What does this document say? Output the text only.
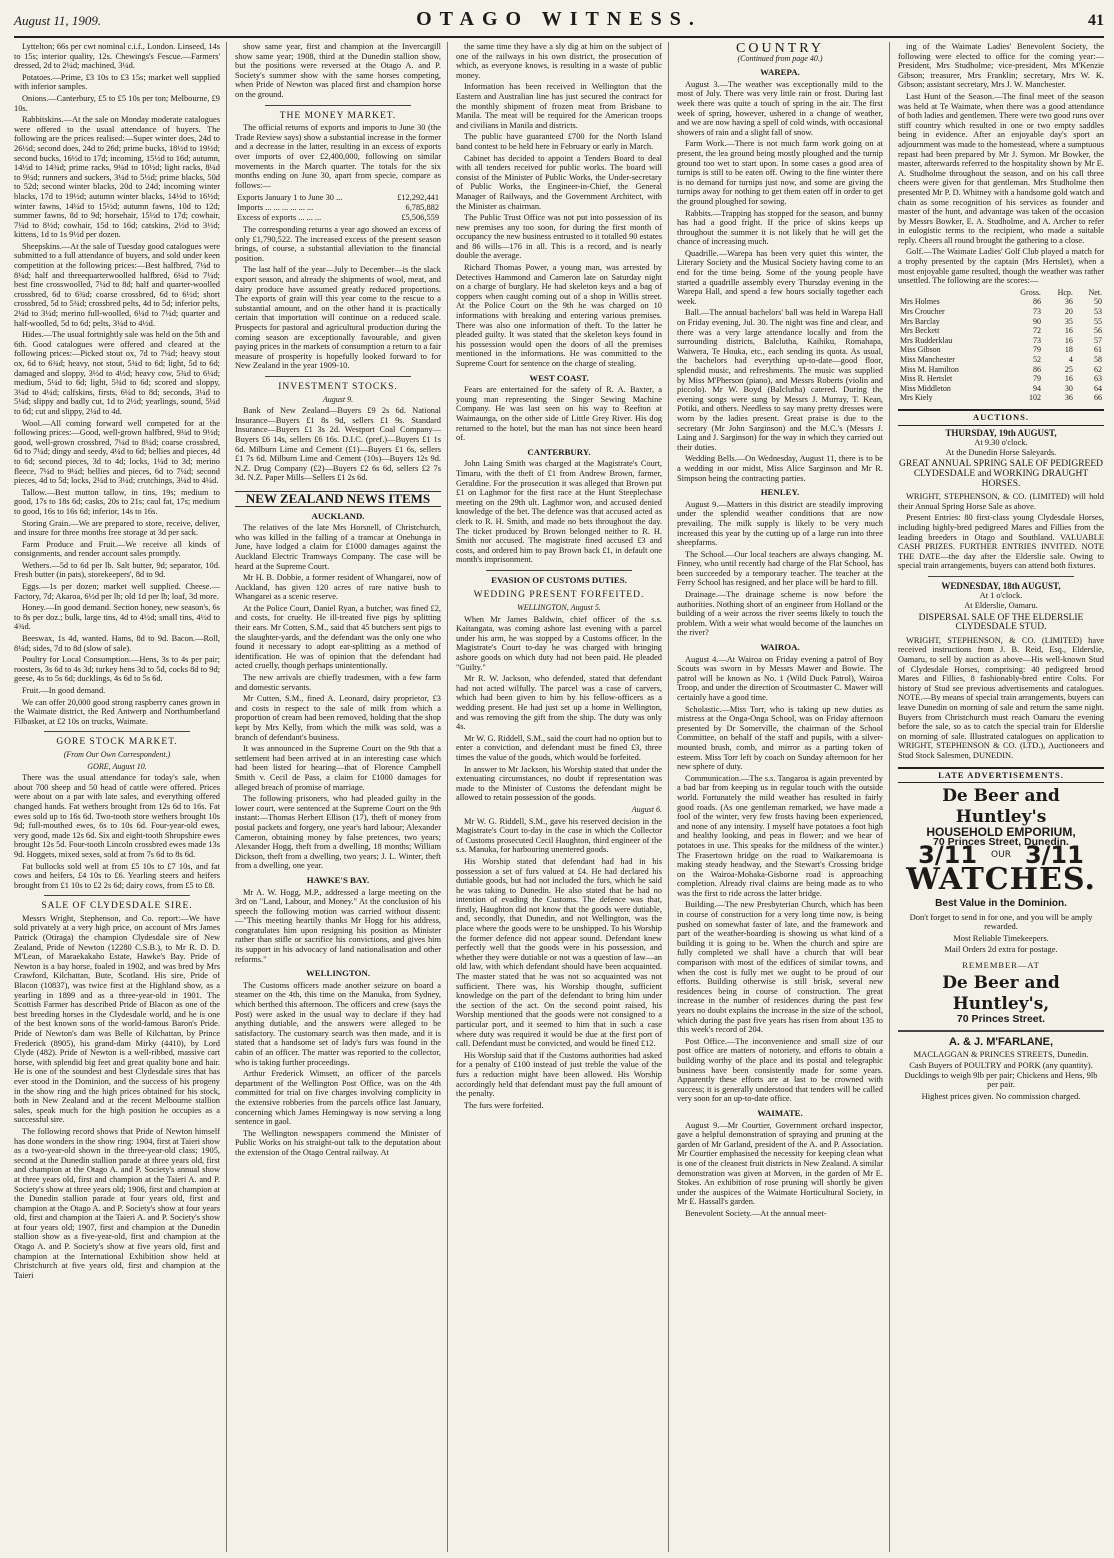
August 11, 1909.	OTAGO WITNESS.	41

Lyttelton; 66s per cwt nominal c.i.f., London. Linseed, 14s to 15s; interior quality, 12s. Chewings's Fescue.—Farmers' dressed, 2d to 2¼d; machined, 3¼d.

Potatoes.—Prime, £3 10s to £3 15s; market well supplied with inferior samples.

Onions.—Canterbury, £5 to £5 10s per ton; Melbourne, £9 10s.

Rabbitskins.—At the sale on Monday moderate catalogues were offered to the usual attendance of buyers. The following are the prices realised:—Super winter does, 24d to 26½d; second does, 24d to 26d; prime bucks, 18½d to 19½d; second bucks, 16½d to 17d; incoming, 15½d to 16d; autumn, 14½d to 14¾d; prime racks, 9¼d to 10½d; light racks, 8¼d to 9¼d; runners and suckers, 3¼d to 5½d; prime blacks, 50d to 52d; second winter blacks, 20d to 24d; incoming winter blacks, 17d to 19½d; autumn winter blacks, 14½d to 16½d; winter fawns, 14¼d to 15½d; autumn fawns, 10d to 12d; summer fawns, 8d to 9d; horsehair, 15½d to 17d; cowhair, 7¼d to 8½d; cowhair, 15d to 16d; catskins, 2½d to 3½d; kittens, 1d to 1s 9½d per dozen.

Sheepskins.—At the sale of Tuesday good catalogues were submitted to a full attendance of buyers, and sold under keen competition at the following prices:—Best halfbred, 7¼d to 8¼d; half and threequarterwoolled halfbred, 6¼d to 7¼d; best fine crosswoolled, 7¼d to 8d; half and quarter-woolled crossbred, 6d to 6¾d; coarse crossbred, 6d to 6½d; short crossbred, 5d to 5¾d; crossbred pelts, 4d to 5d; inferior pelts, 2¼d to 3¼d; merino full-woolled, 6¼d to 7¼d; quarter and half-woolled, 5d to 6d; pelts, 3¼d to 4½d.

Hides.—The usual fortnightly sale was held on the 5th and 6th. Good catalogues were offered and cleared at the following prices:—Picked stout ox, 7d to 7¼d; heavy stout ox, 6d to 6¾d; heavy, not stout, 5¾d to 6d; light, 5d to 6d; damaged and sloppy, 3½d to 4½d; heavy cow, 5¾d to 6¼d; medium, 5¼d to 6d; light, 5¾d to 6d; scored and sloppy, 3¼d to 4¼d; calfskins, firsts, 6¼d to 8d; seconds, 3¼d to 5¼d; slippy and badly cut, 1d to 2½d; yearlings, sound, 5¼d to 6d; cut and slippy, 2¼d to 4d.

Wool.—All coming forward well competed for at the following prices:—Good, well-grown halfbred, 9¼d to 9½d; good, well-grown crossbred, 7¼d to 8¼d; coarse crossbred, 6d to 7¼d; dingy and seedy, 4¼d to 6d; bellies and pieces, 4d to 6d; second pieces, 3d to 4d; locks, 1¼d to 3d; merino fleece, 7¼d to 9¼d; bellies and pieces, 6d to 7¼d; second pieces, 4d to 5d; locks, 2¼d to 3¼d; crutchings, 3¼d to 4¼d.

Tallow.—Best mutton tallow, in tins, 19s; medium to good, 17s to 18s 6d; casks, 20s to 21s; caul fat, 17s; medium to good, 16s to 16s 6d; inferior, 14s to 16s.

Storing Grain.—We are prepared to store, receive, deliver, and insure for three months free storage at 3d per sack.

Farm Produce and Fruit.—We receive all kinds of consignments, and render account sales promptly.

Wethers.—5d to 6d per lb. Salt butter, 9d; separator, 10d. Fresh butter (in pats), storekeepers', 8d to 9d.

Eggs.—1s per dozen; market well supplied. Cheese.—Factory, 7d; Akaroa, 6½d per lb; old 1d per lb; loaf, 3d more.

Honey.—In good demand. Section honey, new season's, 6s to 8s per doz.; bulk, large tins, 4d to 4½d; small tins, 4½d to 4¾d.

Beeswax, 1s 4d, wanted. Hams, 8d to 9d. Bacon.—Roll, 8¼d; sides, 7d to 8d (slow of sale).

Poultry for Local Consumption.—Hens, 3s to 4s per pair; roosters, 3s 6d to 4s 3d; turkey hens 3d to 5d, cocks 8d to 9d; geese, 4s to 5s 6d; ducklings, 4s 6d to 5s 6d.

Fruit.—In good demand.

We can offer 20,000 good strong raspberry canes grown in the Waimate district, the Red Antwerp and Northumberland Filbasket, at £2 10s on trucks, Waimate.

GORE STOCK MARKET.
(From Our Own Correspondent.)
GORE, August 10.

There was the usual attendance for today's sale, when about 700 sheep and 50 head of cattle were offered. Prices were about on a par with late sales, and everything offered changed hands. Fat wethers brought from 12s 6d to 16s. Fat ewes sold up to 16s 6d. Two-tooth store wethers brought 10s 9d; full-mouthed ewes, 6s to 10s 6d. Four-year-old ewes, very good, made 12s 6d. Six and eight-tooth Shropshire ewes brought 12s 5d. Four-tooth Lincoln crossbred ewes made 13s 9d. Hoggets, mixed sexes, sold at from 7s 6d to 8s 6d.

Fat bullocks sold well at from £5 10s to £7 10s, and fat cows and heifers, £4 10s to £6. Yearling steers and heifers brought from £1 10s to £2 2s 6d; dairy cows, from £5 to £8.

SALE OF CLYDESDALE SIRE.

Messrs Wright, Stephenson, and Co. report:—We have sold privately at a very high price, on account of Mrs James Patrick (Otiraga) the champion Clydesdale sire of New Zealand, Pride of Newton (12280 C.S.B.), to Mr R. D. D. M'Lean, of Maraekakaho Estate, Hawke's Bay. Pride of Newton is a bay horse, foaled in 1902, and was bred by Mrs Crawford, Kilchattan, Bute, Scotland. His sire, Pride of Blacon (10837), was twice first at the Highland show, as a yearling in 1899 and as a three-year-old in 1901. The Scottish Farmer has described Pride of Blacon as one of the best breeding horses in the Clydesdale world, and he is one of the best known sons of the world-famous Baron's Pride. Pride of Newton's dam was Belle of Kilchattan, by Prince Frederick (8905), his grand-dam Mirky (4410), by Lord Clyde (482). Pride of Newton is a well-ribbed, massive cart horse, with splendid big feet and great quality bone and hair. He is one of the soundest and best Clydesdale sires that has ever stood in the Dominion, and the success of his progeny in the show ring and the high prices obtained for his stock, both in New Zealand and at the recent Melbourne stallion sales, speak much for the high position he occupies as a successful sire.

The following record shows that Pride of Newton himself has done wonders in the show ring: 1904, first at Taieri show as a two-year-old shown in the three-year-old class; 1905, second at the Dunedin stallion parade at three years old, first and champion at the Otago A. and P. Society's annual show at three years old, first and champion at the Taieri A. and P. Society's show at three years old; 1906, first and champion at the Dunedin stallion parade at four years old, first and champion at the Otago A. and P. Society's show at four years old, first and champion at the Taieri A. and P. Society's show at four years old; 1907, first and champion at the Dunedin stallion show as a five-year-old, first and champion at the Otago A. and P. Society's show at five years old, first and champion at the International Exhibition show held at Christchurch at five years old, first and champion at the Taieri

show same year, first and champion at the Invercargill show same year; 1908, third at the Dunedin stallion show, but the positions were reversed at the Otago A. and P. Society's summer show with the same horses competing, when Pride of Newton was placed first and champion horse on the ground.

THE MONEY MARKET.

The official returns of exports and imports to June 30 (the Trade Review says) show a substantial increase in the former and a decrease in the latter, resulting in an excess of exports over imports of over £2,400,000, following on similar movements in the March quarter. The totals for the six months ending on June 30, apart from specie, compare as follows:—

Exports January 1 to June 30 ...	£12,292,441
Imports ... ... ... ... ... ...	6,785,882
Excess of exports ... ... ...	£5,506,559

The corresponding returns a year ago showed an excess of only £1,790,522. The increased excess of the present season brings, of course, a substantial alleviation to the financial position.

The last half of the year—July to December—is the slack export season, and already the shipments of wool, meat, and dairy produce have assumed greatly reduced proportions. The exports of grain will this year come to the rescue to a substantial amount, and on the other hand it is practically certain that importation will continue on a reduced scale. Prospects for pastoral and agricultural production during the coming season are exceptionally favourable, and given paying prices in the markets of consumption a return to a fair measure of prosperity is hopefully looked forward to for New Zealand in the year 1909-10.

INVESTMENT STOCKS.
August 9.

Bank of New Zealand—Buyers £9 2s 6d. National Insurance—Buyers £1 8s 9d, sellers £1 9s. Standard Insurance—Buyers £1 3s 2d. Westport Coal Company—Buyers £6 14s, sellers £6 16s. D.I.C. (pref.)—Buyers £1 1s 6d. Milburn Lime and Cement (£1)—Buyers £1 6s, sellers £1 7s 6d. Milburn Lime and Cement (10s)—Buyers 12s 9d. N.Z. Drug Company (£2)—Buyers £2 6s 6d, sellers £2 7s 3d. N.Z. Paper Mills—Sellers £1 2s 6d.

NEW ZEALAND NEWS ITEMS
AUCKLAND.

The relatives of the late Mrs Horsnell, of Christchurch, who was killed in the falling of a tramcar at Onehunga in June, have lodged a claim for £1000 damages against the Auckland Electric Tramways Company. The case will be heard at the Supreme Court.

Mr H. B. Dobbie, a former resident of Whangarei, now of Auckland, has given 120 acres of rare native bush to Whangarei as a scenic reserve.

At the Police Court, Daniel Ryan, a butcher, was fined £2, and costs, for cruelty. He ill-treated five pigs by splitting their ears. Mr Cotten, S.M., said that 45 butchers sent pigs to the slaughter-yards, and the defendant was the only one who found it necessary to adopt ear-splitting as a method of identification. He was of opinion that the defendant had acted cruelly, though perhaps unintentionally.

The new arrivals are chiefly tradesmen, with a few farm and domestic servants.

Mr Cutten, S.M., fined A. Leonard, dairy proprietor, £3 and costs in respect to the sale of milk from which a proportion of cream had been removed, holding that the shop kept by Mrs Kelly, from which the milk was sold, was a branch of defendant's business.

It was announced in the Supreme Court on the 9th that a settlement had been arrived at in an interesting case which had been listed for hearing—that of Florence Campbell Smith v. Cecil de Pass, a claim for £1000 damages for alleged breach of promise of marriage.

The following prisoners, who had pleaded guilty in the lower court, were sentenced at the Supreme Court on the 9th instant:—Thomas Herbert Ellison (17), theft of money from postal packets and forgery, one year's hard labour; Alexander Cameron, obtaining money by false pretences, two years; Alexander Hogg, theft from a dwelling, 18 months; William Dickson, theft from a dwelling, two years; J. L. Winter, theft from a dwelling, one year.

HAWKE'S BAY.

Mr A. W. Hogg, M.P., addressed a large meeting on the 3rd on "Land, Labour, and Money." At the conclusion of his speech the following motion was carried without dissent:—"This meeting heartily thanks Mr Hogg for his address, congratulates him upon resigning his position as Minister rather than stifle or sacrifice his convictions, and gives him its support in his advocacy of land nationalisation and other reforms."

WELLINGTON.

The Customs officers made another seizure on board a steamer on the 4th, this time on the Manuka, from Sydney, which berthed this afternoon. The officers and crew (says the Post) were asked in the usual way to declare if they had anything dutiable, and the answers were alleged to be satisfactory. The customary search was then made, and it is stated that a handsome set of lady's furs was found in the cabin of an officer. The matter was reported to the collector, who is taking further proceedings.

Arthur Frederick Wimsett, an officer of the parcels department of the Wellington Post Office, was on the 4th committed for trial on five charges involving complicity in the extensive robberies from the parcels office last January, concerning which James Hemingway is now serving a long sentence in gaol.

The Wellington newspapers commend the Minister of Public Works on his straight-out talk to the deputation about the extension of the Otago Central railway. At

the same time they have a sly dig at him on the subject of one of the railways in his own district, the prosecution of which, as everyone knows, is resulting in a waste of public money.

Information has been received in Wellington that the Eastern and Australian line has just secured the contract for the monthly shipment of frozen meat from Brisbane to Manila. The meat will be required for the American troops and civilians in Manila and districts.

The public have guaranteed £700 for the North Island band contest to be held here in February or early in March.

Cabinet has decided to appoint a Tenders Board to deal with all tenders received for public works. The board will consist of the Minister of Public Works, the Under-secretary of Public Works, the Engineer-in-Chief, the General Manager of Railways, and the Government Architect, with the Minister as chairman.

The Public Trust Office was not put into possession of its new premises any too soon, for during the first month of occupancy the new business entrusted to it totalled 90 estates and 86 wills—176 in all. This is a record, and is nearly double the average.

Richard Thomas Power, a young man, was arrested by Detectives Hammond and Cameron late on Saturday night on a charge of burglary. He had skeleton keys and a bag of coppers when caught coming out of a shop in Willis street. At the Police Court on the 9th he was charged on 10 informations with breaking and entering various premises. There was also one information of theft. To the latter he pleaded guilty. It was stated that the skeleton keys found in his possession would open the doors of all the premises mentioned in the informations. He was committed to the Supreme Court for sentence on the charge of stealing.

WEST COAST.

Fears are entertained for the safety of R. A. Baxter, a young man representing the Singer Sewing Machine Company. He was last seen on his way to Reefton at Waimaunga, on the other side of Little Grey River. His dog returned to the hotel, but the man has not since been heard of.

CANTERBURY.

John Laing Smith was charged at the Magistrate's Court, Timaru, with the theft of £1 from Andrew Brown, farmer, Geraldine. For the prosecution it was alleged that Brown put £1 on Laghmor for the first race at the Hunt Steeplechase meeting on the 29th ult. Laghmor won, and accused denied knowledge of the bet. The defence was that accused acted as clerk to R. H. Smith, and made no bets throughout the day. The ticket produced by Brown belonged neither to R. H. Smith nor accused. The magistrate fined accused £3 and costs, and ordered him to pay Brown back £1, in default one month's imprisonment.

EVASION OF CUSTOMS DUTIES.
WEDDING PRESENT FORFEITED.
WELLINGTON, August 5.

When Mr James Baldwin, chief officer of the s.s. Kaitangata, was coming ashore last evening with a parcel under his arm, he was stopped by a Customs officer. In the Magistrate's Court to-day he was charged with bringing ashore goods on which duty had not been paid. He pleaded "Guilty."

Mr R. W. Jackson, who defended, stated that defendant had not acted wilfully. The parcel was a case of carvers, which had been given to him by his fellow-officers as a wedding present. He had just set up a home in Wellington, and was removing the gift from the ship. The duty was only 4s.

Mr W. G. Riddell, S.M., said the court had no option but to enter a conviction, and defendant must be fined £3, three times the value of the goods, which would be forfeited.

In answer to Mr Jackson, his Worship stated that under the extenuating circumstances, no doubt if representation was made to the Minister of Customs the defendant might be allowed to retain possession of the goods.

August 6.

Mr W. G. Riddell, S.M., gave his reserved decision in the Magistrate's Court to-day in the case in which the Collector of Customs prosecuted Cecil Haughton, third engineer of the s.s. Manuka, for harbouring unentered goods.

His Worship stated that defendant had had in his possession a set of furs valued at £4. He had declared his dutiable goods, but had not included the furs, which he said he was taking to Dunedin. He also stated that he had no intention of evading the Customs. The defence was that, firstly, Haughton did not know that the goods were dutiable, and, secondly, that Dunedin, and not Wellington, was the place where the goods were to be unshipped. To his Worship the former defence did not appear sound. Defendant knew perfectly well that the goods were in his possession, and whether they were dutiable or not was a question of law—an old law, with which defendant should have been acquainted. The master stated that he was not so acquainted was not sufficient. There was, his Worship thought, sufficient knowledge on the part of the defendant to bring him under the section of the act. On the second point raised, his Worship mentioned that the goods were not consigned to a particular port, and it seemed to him that in such a case where duty was required it would be due at the first port of call. Defendant must be convicted, and would be fined £12.

His Worship said that if the Customs authorities had asked for a penalty of £100 instead of just treble the value of the furs a reduction might have been allowed. His Worship accordingly held that defendant must pay the full amount of the penalty.

The furs were forfeited.

COUNTRY
(Continued from page 40.)
WAREPA.

August 3.—The weather was exceptionally mild to the most of July. There was very little rain or frost. During last week there was quite a touch of spring in the air. The first week of spring, however, ushered in a change of weather, and we are now having a spell of cold winds, with occasional showers of rain and a slight fall of snow.

Farm Work.—There is not much farm work going on at present, the lea ground being mostly ploughed and the turnip ground too wet to start upon. In some cases a good area of turnips is still to be eaten off. Owing to the fine winter there is no demand for turnips just now, and some are giving the turnips away for nothing to get them eaten off in order to get the ground ploughed for sowing.

Rabbits.—Trapping has stopped for the season, and bunny has had a good fright. If the price of skins keeps up throughout the summer it is not likely that he will get the chance of increasing much.

Quadrille.—Warepa has been very quiet this winter, the Literary Society and the Musical Society having come to an end for the time being. Some of the young people have started a quadrille assembly every Thursday evening in the Warepa Hall, and spend a few hours socially together each week.

Ball.—The annual bachelors' ball was held in Warepa Hall on Friday evening, Jul. 30. The night was fine and clear, and there was a very large attendance locally and from the surrounding districts, Balclutha, Kaihiku, Romahapa, Waiwera, Te Houka, etc., each sending its quota. As usual, the bachelors had everything up-to-date—good floor, splendid music, and refreshments. The music was supplied by Miss M'Pherson (piano), and Messrs Roberts (violin and piccolo). Mr W. Boyd (Balclutha) catered. During the evening songs were sung by Messrs J. Murray, T. Kean, Potiki, and others. Needless to say many pretty dresses were worn by the ladies present. Great praise is due to the secretary (Mr John Sarginson) and the M.C.'s (Messrs J. Laing and J. Sarginson) for the way in which they carried out their duties.

Wedding Bells.—On Wednesday, August 11, there is to be a wedding in our midst, Miss Alice Sarginson and Mr R. Simpson being the contracting parties.

HENLEY.

August 9.—Matters in this district are steadily improving under the splendid weather conditions that are now prevailing. The milk supply is likely to be very much increased this year by the cutting up of a large run into three sheepfarms.

The School.—Our local teachers are always changing. M. Finney, who until recently had charge of the Flat School, has been succeeded by a temporary teacher. The teacher at the Ferry School has resigned, and her place will be hard to fill.

Drainage.—The drainage scheme is now before the authorities. Nothing short of an engineer from Holland or the building of a weir across the river seems likely to touch the problem. With a weir what would become of the launches on the river?

WAIROA.

August 4.—At Wairoa on Friday evening a patrol of Boy Scouts was sworn in by Messrs Mawer and Bowie. The patrol will be known as No. 1 (Wild Duck Patrol), Wairoa Troop, and under the direction of Scoutmaster C. Mawer will certainly have a good time.

Scholastic.—Miss Torr, who is taking up new duties as mistress at the Onga-Onga School, was on Friday afternoon presented by Dr Somerville, the chairman of the School Committee, on behalf of the staff and pupils, with a silver-mounted brush, comb, and mirror as a parting token of esteem. Miss Torr left by coach on Sunday afternoon for her new sphere of duty.

Communication.—The s.s. Tangaroa is again prevented by a bad bar from keeping us in regular touch with the outside world. Fortunately the mild weather has resulted in fairly good roads. (As one gentleman remarked, we have made a fool of the winter, very few frosts having been experienced, and none of any intensity. I myself have potatoes a foot high and healthy looking, and peas in flower; and we hear of potatoes in use. This speaks for the mildness of the winter.) The Frasertown bridge on the road to Waikaremoana is making steady headway, and the Stewart's Crossing bridge on the Wairoa-Mohaka-Gisborne road is approaching completion. Already rival claims are being made as to who was the first to ride across the latter bridge.

Building.—The new Presbyterian Church, which has been in course of construction for a very long time now, is being pushed on somewhat faster of late, and the framework and part of the weather-boarding is showing us what kind of a building it is going to be. When the church and spire are fully completed we shall have a church that will bear comparison with most of the edifices of similar towns, and when the cost is fully met we ought to be proud of our efforts. Building otherwise is still brisk, several new residences being in course of construction. The great increase in the number of residences during the past few years no doubt explains the increase in the size of the school, which during the past five years has risen from about 135 to this week's record of 204.

Post Office.—The inconvenience and small size of our post office are matters of notoriety, and efforts to obtain a building worthy of the place and its postal and telegraphic business have been consistently made for some years. Apparently these efforts are at last to be crowned with success; it is generally understood that tenders will be called very soon for an up-to-date office.

WAIMATE.

August 9.—Mr Courtier, Government orchard inspector, gave a helpful demonstration of spraying and pruning at the garden of Mr Garland, president of the A. and P. Association. Mr Courtier emphasised the necessity for keeping clean what is one of the cleanest fruit districts in New Zealand. A similar demonstration was given at Morven, in the garden of Mr E. Stokes. An exhibition of rose pruning will shortly be given under the auspices of the Waimate Horticultural Society, in Mr E. Hassall's garden.

Benevolent Society.—At the annual meet-

ing of the Waimate Ladies' Benevolent Society, the following were elected to office for the coming year:—President, Mrs Studholme; vice-president, Mrs M'Kenzie Gibson; treasurer, Mrs Franklin; secretary, Mrs W. K. Gibson; assistant secretary, Mrs J. W. Manchester.

Last Hunt of the Season.—The final meet of the season was held at Te Waimate, when there was a good attendance of both ladies and gentlemen. There were two good runs over stiff country which resulted in one or two empty saddles being in evidence. After an enjoyable day's sport an adjournment was made to the homestead, where a sumptuous repast had been prepared by Mr J. Symon. Mr Bowker, the master, afterwards referred to the hospitality shown by Mr E. A. Studholme throughout the season, and on his call three cheers were given for that gentleman. Mrs Studholme then presented Mr P. D. Whitney with a handsome gold watch and chain as some recognition of his services as founder and master of the hunt, and advantage was taken of the occasion by Messrs Bowker, E. A. Studholme, and A. Archer to refer in eulogistic terms to the recipient, who made a suitable reply. Cheers all round brought the gathering to a close.

Golf.—The Waimate Ladies' Golf Club played a match for a trophy presented by the captain (Mrs Hertslet), when a most enjoyable game resulted, though the weather was rather unsettled. The following are the scores:—

	Gross.	Hcp.	Net.
Mrs Holmes	86	36	50
Mrs Croucher	73	20	53
Mrs Barclay	90	35	55
Mrs Beckett	72	16	56
Mrs Rudderklau	73	16	57
Miss Gibson	79	18	61
Miss Manchester	52	4	58
Miss M. Hamilton	86	25	62
Miss R. Hertslet	79	16	63
Miss Middleton	94	30	64
Mrs Kiely	102	36	66
AUCTIONS.
THURSDAY, 19th AUGUST,
At 9.30 o'clock.
At the Dunedin Horse Saleyards.
GREAT ANNUAL SPRING SALE OF PEDIGREED CLYDESDALE and WORKING DRAUGHT HORSES.

WRIGHT, STEPHENSON, & CO. (LIMITED) will hold their Annual Spring Horse Sale as above.

Present Entries: 80 first-class young Clydesdale Horses, including highly-bred pedigreed Mares and Fillies from the leading breeders in Otago and Southland. VALUABLE CASH PRIZES. FURTHER ENTRIES INVITED. NOTE THE DATE—the day after the Elderslie sale. Owing to special train arrangements, buyers can attend both fixtures.

WEDNESDAY, 18th AUGUST,
At 1 o'clock.
At Elderslie, Oamaru.
DISPERSAL SALE OF THE ELDERSLIE CLYDESDALE STUD.

WRIGHT, STEPHENSON, & CO. (LIMITED) have received instructions from J. B. Reid, Esq., Elderslie, Oamaru, to sell by auction as above—His well-known Stud of Clydesdale Horses, comprising: 40 pedigreed brood Mares and Fillies, 8 fashionably-bred entire Colts. For history of Stud see previous advertisements and catalogues. NOTE.—By means of special train arrangements, buyers can leave Dunedin on morning of sale and return the same night. Buyers from Christchurch must reach Oamaru the evening before the sale, so as to catch the special train for Elderslie on morning of sale. Illustrated catalogues on application to WRIGHT, STEPHENSON & CO. (LTD.), Auctioneers and Stud Stock Salesmen, DUNEDIN.

LATE ADVERTISEMENTS.
De Beer and Huntley's
HOUSEHOLD EMPORIUM,
70 Princes Street, Dunedin.
3/11 OUR 3/11
WATCHES.
Best Value in the Dominion.
Don't forget to send in for one, and you will be amply rewarded.
Most Reliable Timekeepers.
Mail Orders 2d extra for postage.
REMEMBER—AT
De Beer and Huntley's,
70 Princes Street.
A. & J. M'FARLANE,
MACLAGGAN & PRINCES STREETS, Dunedin.
Cash Buyers of POULTRY and PORK (any quantity). Ducklings to weigh 9lb per pair; Chickens and Hens, 9lb per pair.
Highest prices given. No commission charged.
